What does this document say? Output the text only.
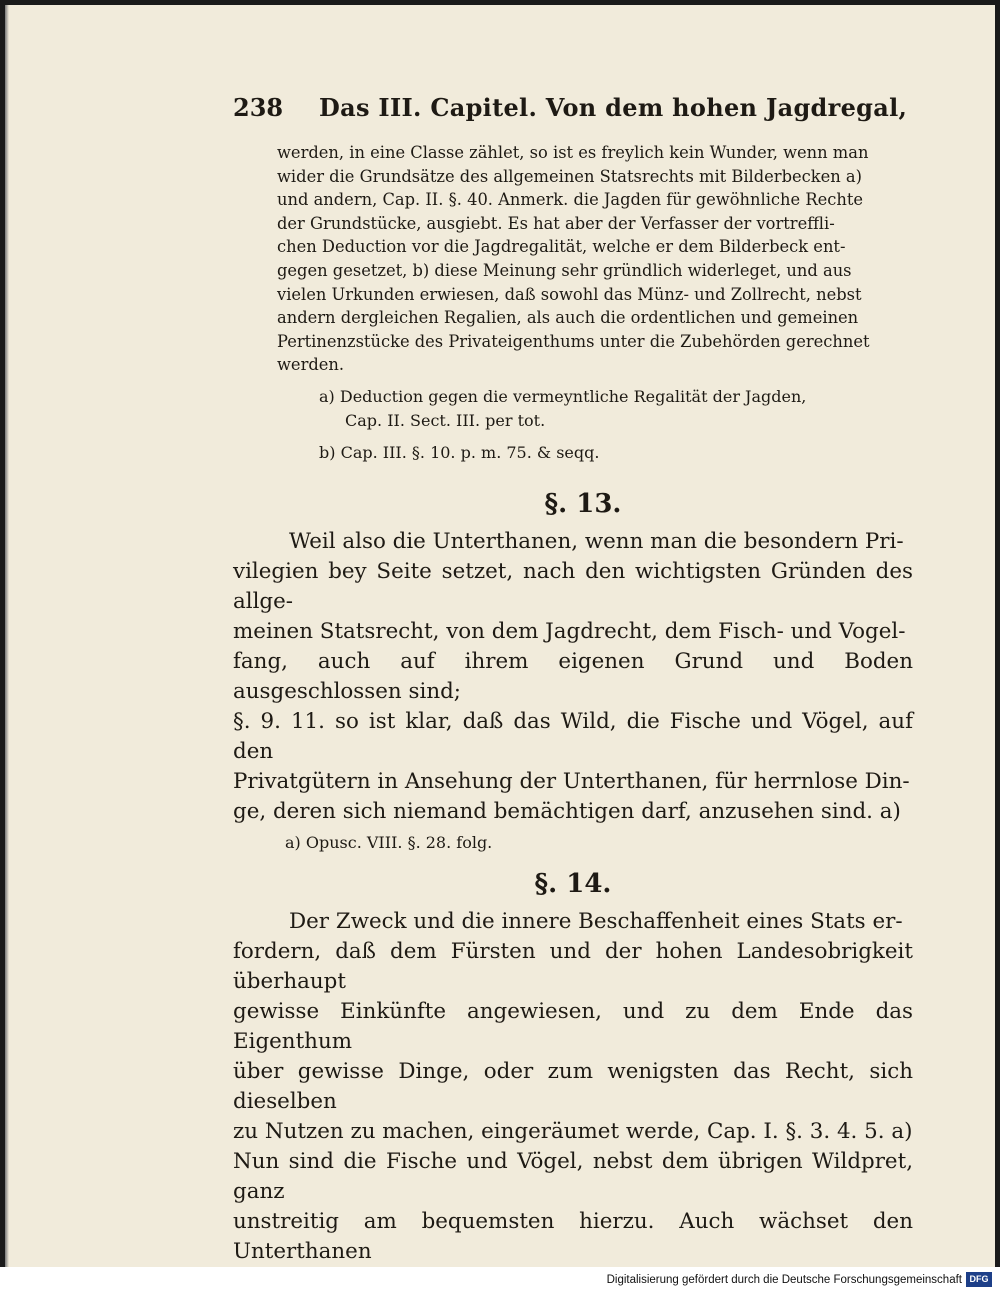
238 Das III. Capitel. Von dem hohen Jagdregal,
werden, in eine Classe zählet, so ist es freylich kein Wunder, wenn man
wider die Grundsätze des allgemeinen Statsrechts mit Bilderbecken a)
und andern, Cap. II. §. 40. Anmerk. die Jagden für gewöhnliche Rechte
der Grundstücke, ausgiebt. Es hat aber der Verfasser der vortreffli-
chen Deduction vor die Jagdregalität, welche er dem Bilderbeck ent-
gegen gesetzet, b) diese Meinung sehr gründlich widerleget, und aus
vielen Urkunden erwiesen, daß sowohl das Münz- und Zollrecht, nebst
andern dergleichen Regalien, als auch die ordentlichen und gemeinen
Pertinenzstücke des Privateigenthums unter die Zubehörden gerechnet
werden.
a) Deduction gegen die vermeyntliche Regalität der Jagden,
Cap. II. Sect. III. per tot.
b) Cap. III. §. 10. p. m. 75. & seqq.
§. 13.
Weil also die Unterthanen, wenn man die besondern Pri-
vilegien bey Seite setzet, nach den wichtigsten Gründen des allge-
meinen Statsrecht, von dem Jagdrecht, dem Fisch- und Vogel-
fang, auch auf ihrem eigenen Grund und Boden ausgeschlossen sind;
§. 9. 11. so ist klar, daß das Wild, die Fische und Vögel, auf den
Privatgütern in Ansehung der Unterthanen, für herrnlose Din-
ge, deren sich niemand bemächtigen darf, anzusehen sind. a)
a) Opusc. VIII. §. 28. folg.
§. 14.
Der Zweck und die innere Beschaffenheit eines Stats er-
fordern, daß dem Fürsten und der hohen Landesobrigkeit überhaupt
gewisse Einkünfte angewiesen, und zu dem Ende das Eigenthum
über gewisse Dinge, oder zum wenigsten das Recht, sich dieselben
zu Nutzen zu machen, eingeräumet werde, Cap. I. §. 3. 4. 5. a)
Nun sind die Fische und Vögel, nebst dem übrigen Wildpret, ganz
unstreitig am bequemsten hierzu. Auch wächset den Unterthanen
Digitalisierung gefördert durch die Deutsche Forschungsgemeinschaft DFG
